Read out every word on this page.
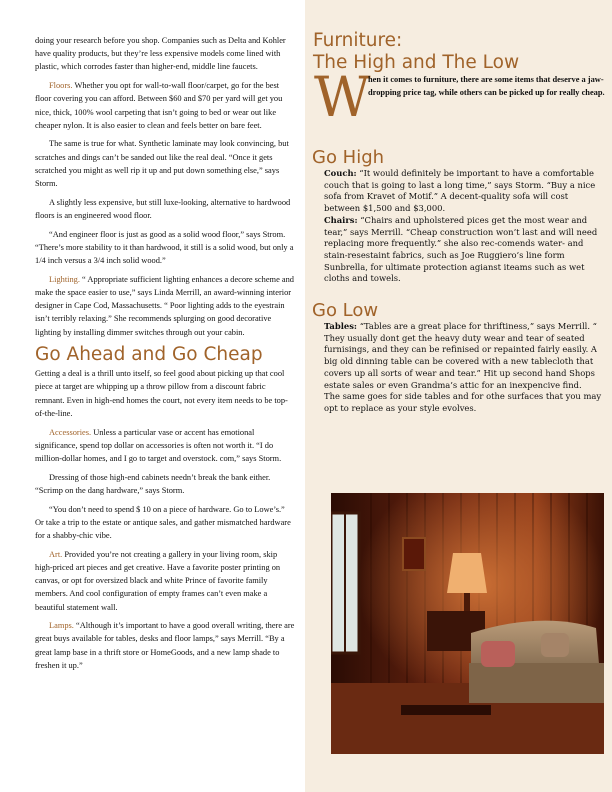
doing your research before you shop. Companies such as Delta and Kohler have quality products, but they’re less expensive models come lined with plastic, which corrodes faster than higher-end, middle line faucets.

Floors. Whether you opt for wall-to-wall floor/carpet, go for the best floor covering you can afford. Between $60 and $70 per yard will get you nice, thick, 100% wool carpeting that isn’t going to bed or wear out like cheaper nylon. It is also easier to clean and feels better on bare feet.

The same is true for what. Synthetic laminate may look convincing, but scratches and dings can’t be sanded out like the real deal. “Once it gets scratched you might as well rip it up and put down something else,” says Storm.

A slightly less expensive, but still luxe-looking, alternative to hardwood floors is an engineered wood floor.

“And engineer floor is just as good as a solid wood floor,” says Strom. “There’s more stability to it than hardwood, it still is a solid wood, but only a 1/4 inch versus a 3/4 inch solid wood.”

Lighting. “ Appropriate sufficient lighting enhances a decore scheme and make the space easier to use,” says Linda Merrill, an award-winning interior designer in Cape Cod, Massachusetts. “ Poor lighting adds to the eyestrain isn’t terribly relaxing.” She recommends splurging on good decorative lighting by installing dimmer switches through out your cabin.

Go Ahead and Go Cheap

Getting a deal is a thrill unto itself, so feel good about picking up that cool piece at target are whipping up a throw pillow from a discount fabric remnant. Even in high-end homes the court, not every item needs to be top-of-the-line.

Accessories. Unless a particular vase or accent has emotional significance, spend top dollar on accessories is often not worth it. “I do million-dollar homes, and I go to target and overstock. com,” says Storm.

Dressing of those high-end cabinets needn’t break the bank either. “Scrimp on the dang hardware,” says Storm.

“You don’t need to spend $ 10 on a piece of hardware. Go to Lowe’s.” Or take a trip to the estate or antique sales, and gather mismatched hardware for a shabby-chic vibe.

Art. Provided you’re not creating a gallery in your living room, skip high-priced art pieces and get creative. Have a favorite poster printing on canvas, or opt for oversized black and white Prince of favorite family members. And cool configuration of empty frames can’t even make a beautiful statement wall.

Lamps. “Although it’s important to have a good overall writing, there are great buys available for tables, desks and floor lamps,” says Merrill. “By a great lamp base in a thrift store or HomeGoods, and a new lamp shade to freshen it up.”

Furniture:
The High and The Low
W
hen it comes to furniture, there are some items that deserve a jaw-dropping price tag, while others can be picked up for really cheap.
Go High

Couch: “It would definitely be important to have a comfortable couch that is going to last a long time,” says Storm. “Buy a nice sofa from Kravet of Motif.” A decent-quality sofa will cost between $1,500 and $3,000.

Chairs: “Chairs and upholstered pices get the most wear and tear,” says Merrill. “Cheap construction won’t last and will need replacing more frequently.” she also rec-comends water- and stain-resestaint fabrics, such as Joe Ruggiero’s line form Sunbrella, for ultimate protection agianst iteams such as wet cloths and towels.

Go Low

Tables: “Tables are a great place for thriftiness,” says Merrill. “ They usually dont get the heavy duty wear and tear of seated furnisings, and they can be refinised or repainted fairly easily. A big old dinning table can be covered with a new tablecloth that covers up all sorts of wear and tear.” Hit up second hand Shops estate sales or even Grandma’s attic for an inexpencive find.

The same goes for side tables and for othe surfaces that you may opt to replace as your style evolves.
